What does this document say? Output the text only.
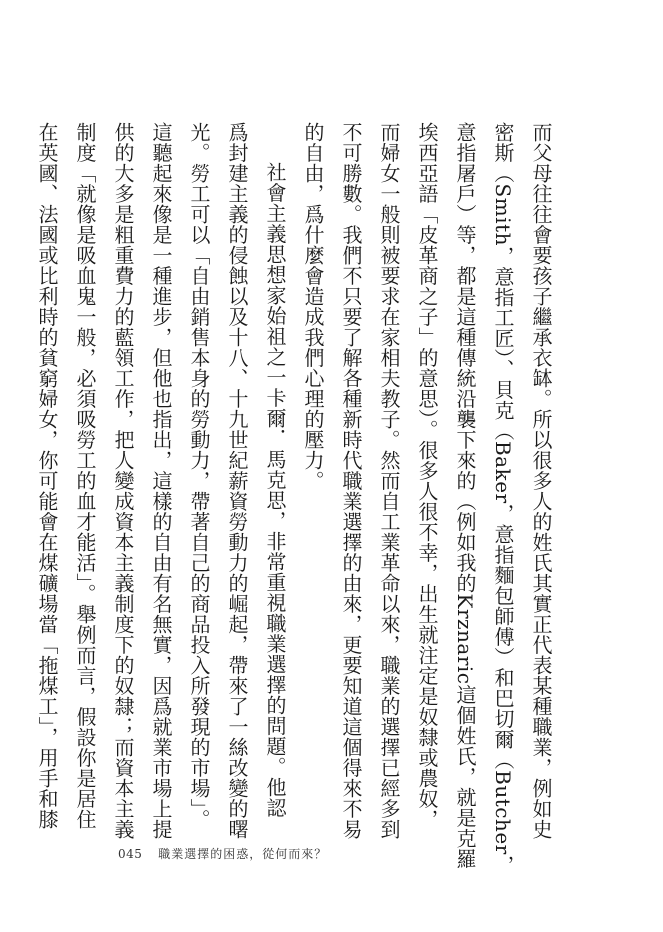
而父母往往會要孩子繼承衣缽。所以很多人的姓氏其實正代表某種職業，例如史
密斯（Smith，意指工匠）、貝克（Baker，意指麵包師傅）和巴切爾（Butcher，
意指屠戶）等，都是這種傳統沿襲下來的（例如我的Krznaric這個姓氏，就是克羅
埃西亞語「皮革商之子」的意思）。很多人很不幸，出生就注定是奴隸或農奴，
而婦女一般則被要求在家相夫教子。然而自工業革命以來，職業的選擇已經多到
不可勝數。我們不只要了解各種新時代職業選擇的由來，更要知道這個得來不易
的自由，爲什麼會造成我們心理的壓力。
社會主義思想家始祖之一卡爾．馬克思，非常重視職業選擇的問題。他認
爲封建主義的侵蝕以及十八、十九世紀薪資勞動力的崛起，帶來了一絲改變的曙
光。勞工可以「自由銷售本身的勞動力，帶著自己的商品投入所發現的市場」。
這聽起來像是一種進步，但他也指出，這樣的自由有名無實，因爲就業市場上提
供的大多是粗重費力的藍領工作，把人變成資本主義制度下的奴隸；而資本主義
制度「就像是吸血鬼一般，必須吸勞工的血才能活」。舉例而言，假設你是居住
在英國、法國或比利時的貧窮婦女，你可能會在煤礦場當「拖煤工」，用手和膝
045 職業選擇的困惑，從何而來？
